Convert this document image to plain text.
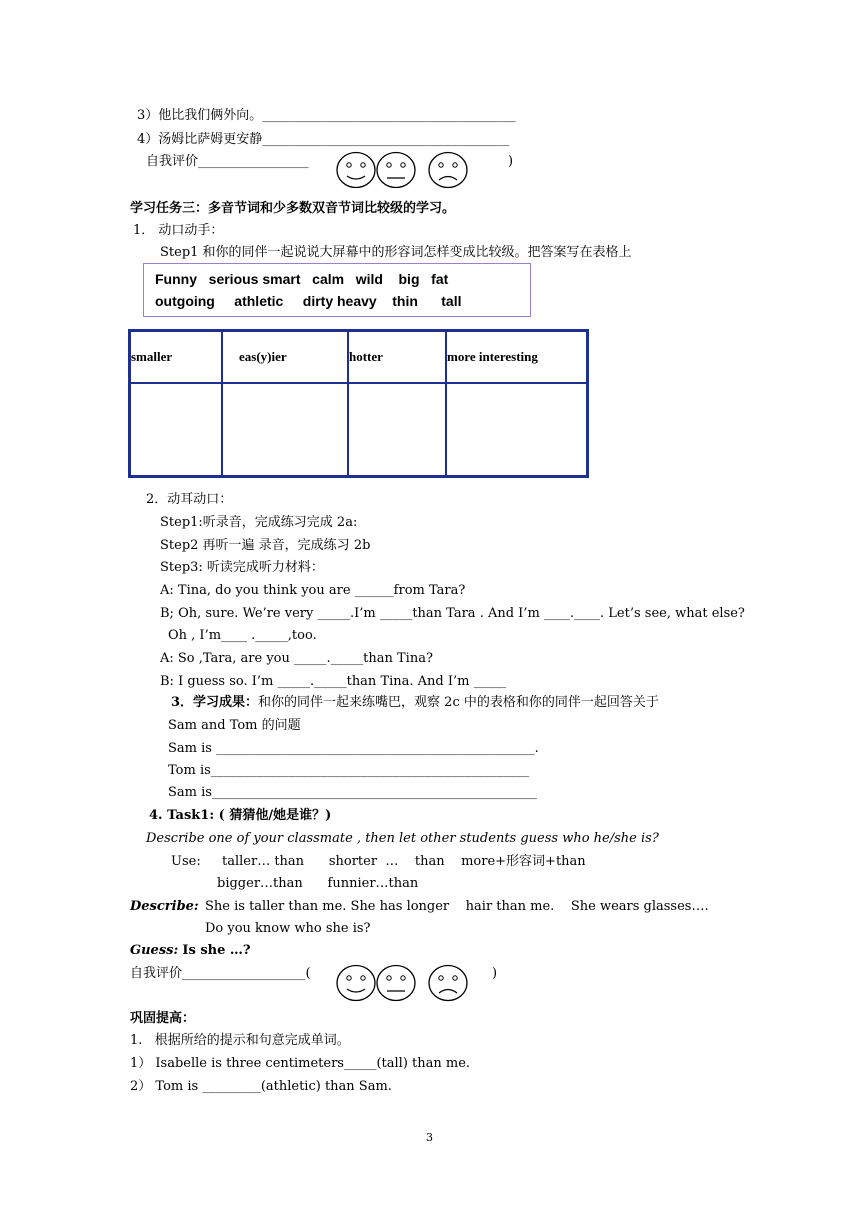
3）他比我们俩外向。_______________________________________
4）汤姆比萨姆更安静______________________________________
自我评价_________________	)
学习任务三：多音节词和少多数双音节词比较级的学习。
1． 动口动手：
Step1 和你的同伴一起说说大屏幕中的形容词怎样变成比较级。把答案写在表格上
Funny   serious smart   calm   wild    big   fat
outgoing     athletic     dirty heavy    thin      tall
smaller	eas(y)ier	hotter	more interesting

2．动耳动口：
Step1:听录音，完成练习完成 2a:
Step2 再听一遍 录音，完成练习 2b
Step3: 听读完成听力材料：
A: Tina, do you think you are ______from Tara?
B; Oh, sure. We’re very _____.I’m _____than Tara . And I’m ____.____. Let’s see, what else?
Oh , I’m____ ._____,too.
A: So ,Tara, are you _____._____than Tina?
B: I guess so. I’m _____._____than Tina. And I’m _____
3．学习成果：和你的同伴一起来练嘴巴，观察 2c 中的表格和你的同伴一起回答关于
Sam and Tom 的问题
Sam is _________________________________________________.
Tom is_________________________________________________
Sam is__________________________________________________
4. Task1: ( 猜猜他/她是谁？)
Describe one of your classmate , then let other students guess who he/she is?
Use: taller… than      shorter  …    than    more+形容词+than
bigger…than      funnier…than
Describe: She is taller than me. She has longer    hair than me.    She wears glasses….
Do you know who she is?
Guess: Is she …?
自我评价___________________(	)
巩固提高：
1.   根据所给的提示和句意完成单词。
1） Isabelle is three centimeters_____(tall) than me.
2） Tom is _________(athletic) than Sam.
3
